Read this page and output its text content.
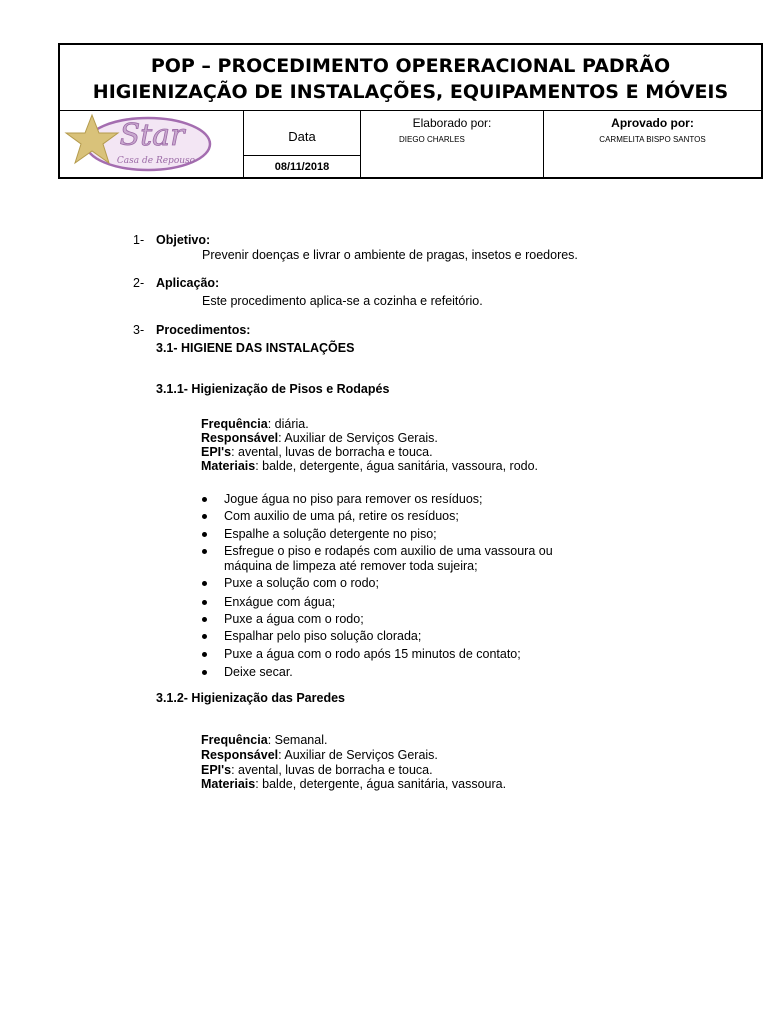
POP – PROCEDIMENTO OPERERACIONAL PADRÃO
HIGIENIZAÇÃO DE INSTALAÇÕES, EQUIPAMENTOS E MÓVEIS
Star
Casa de Repouso
Data
08/11/2018
Elaborado por:
DIEGO CHARLES
Aprovado por:
CARMELITA BISPO SANTOS
1- Objetivo:
Prevenir doenças e livrar o ambiente de pragas, insetos e roedores.
2- Aplicação:
Este procedimento aplica-se a cozinha e refeitório.
3- Procedimentos:
3.1- HIGIENE DAS INSTALAÇÕES
3.1.1- Higienização de Pisos e Rodapés
Frequência: diária.
Responsável: Auxiliar de Serviços Gerais.
EPI's: avental, luvas de borracha e touca.
Materiais: balde, detergente, água sanitária, vassoura, rodo.
Jogue água no piso para remover os resíduos;
Com auxilio de uma pá, retire os resíduos;
Espalhe a solução detergente no piso;
Esfregue o piso e rodapés com auxilio de uma vassoura ou
máquina de limpeza até remover toda sujeira;
Puxe a solução com o rodo;
Enxágue com água;
Puxe a água com o rodo;
Espalhar pelo piso solução clorada;
Puxe a água com o rodo após 15 minutos de contato;
Deixe secar.
3.1.2- Higienização das Paredes
Frequência: Semanal.
Responsável: Auxiliar de Serviços Gerais.
EPI's: avental, luvas de borracha e touca.
Materiais: balde, detergente, água sanitária, vassoura.
